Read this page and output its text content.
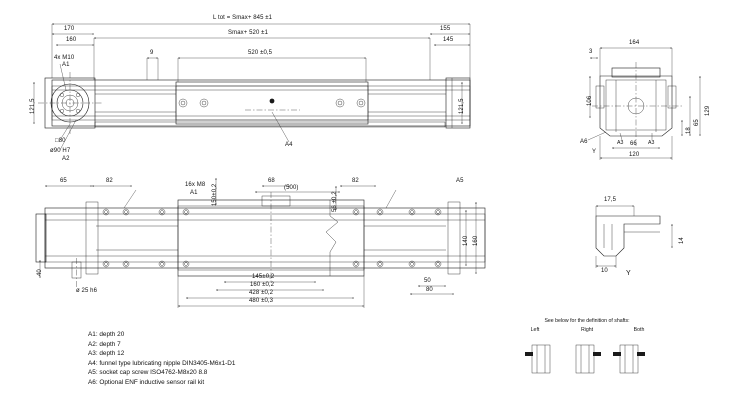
L tot = Smax+ 845 ±1
Smax+ 520 ±1
170
160
4x M10
A1
9	520 ±0,5
155
145
121,5	121,5
□80
ø90 H7
A2
A4
65	82
16x M8
A1 150±0,2
68
(500)
82
56 ±0,2
A5
140 160
40
ø 25 h6
50
80
145±0,2
160 ±0,2
428 ±0,2
480 ±0,3
3
164
106
129
65
18
66
120
A6
Y
A3	A3
17,5
14
10	Y
A1: depth 20
A2: depth 7
A3: depth 12
A4: funnel type lubricating nipple DIN3405-M6x1-D1
A5: socket cap screw ISO4762-M8x20 8.8
A6: Optional ENF inductive sensor rail kit
See below for the definition of shafts:
Left	Right	Both
